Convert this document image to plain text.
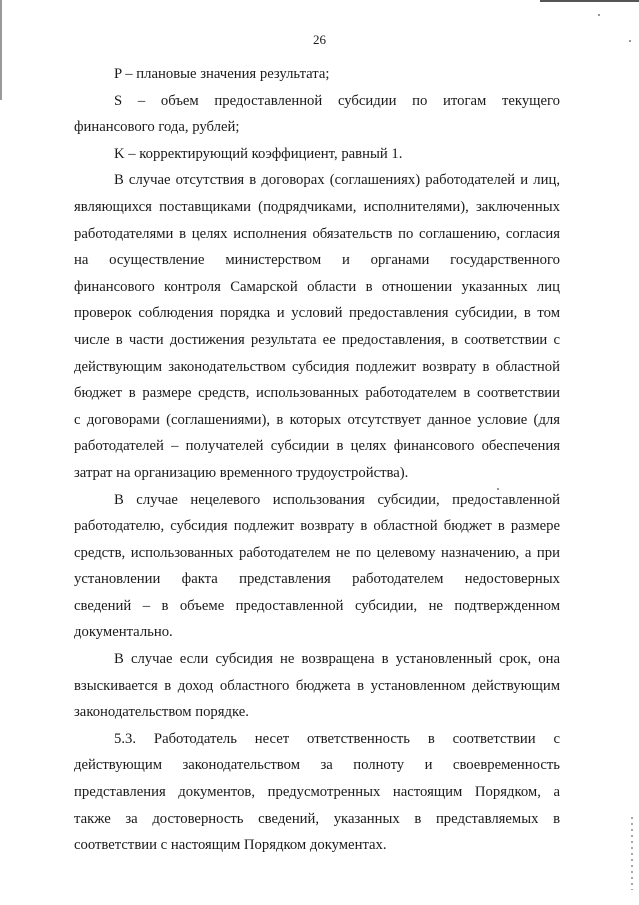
26
P – плановые значения результата;
S – объем предоставленной субсидии по итогам текущего
финансового года, рублей;
K – корректирующий коэффициент, равный 1.
В случае отсутствия в договорах (соглашениях) работодателей и лиц,
являющихся поставщиками (подрядчиками, исполнителями), заключенных
работодателями в целях исполнения обязательств по соглашению, согласия
на осуществление министерством и органами государственного
финансового контроля Самарской области в отношении указанных лиц
проверок соблюдения порядка и условий предоставления субсидии, в том
числе в части достижения результата ее предоставления, в соответствии с
действующим законодательством субсидия подлежит возврату в областной
бюджет в размере средств, использованных работодателем в соответствии
с договорами (соглашениями), в которых отсутствует данное условие (для
работодателей – получателей субсидии в целях финансового обеспечения
затрат на организацию временного трудоустройства).
В случае нецелевого использования субсидии, предоставленной
работодателю, субсидия подлежит возврату в областной бюджет в размере
средств, использованных работодателем не по целевому назначению, а при
установлении факта представления работодателем недостоверных
сведений – в объеме предоставленной субсидии, не подтвержденном
документально.
В случае если субсидия не возвращена в установленный срок, она
взыскивается в доход областного бюджета в установленном действующим
законодательством порядке.
5.3. Работодатель несет ответственность в соответствии с
действующим законодательством за полноту и своевременность
представления документов, предусмотренных настоящим Порядком, а
также за достоверность сведений, указанных в представляемых в
соответствии с настоящим Порядком документах.
